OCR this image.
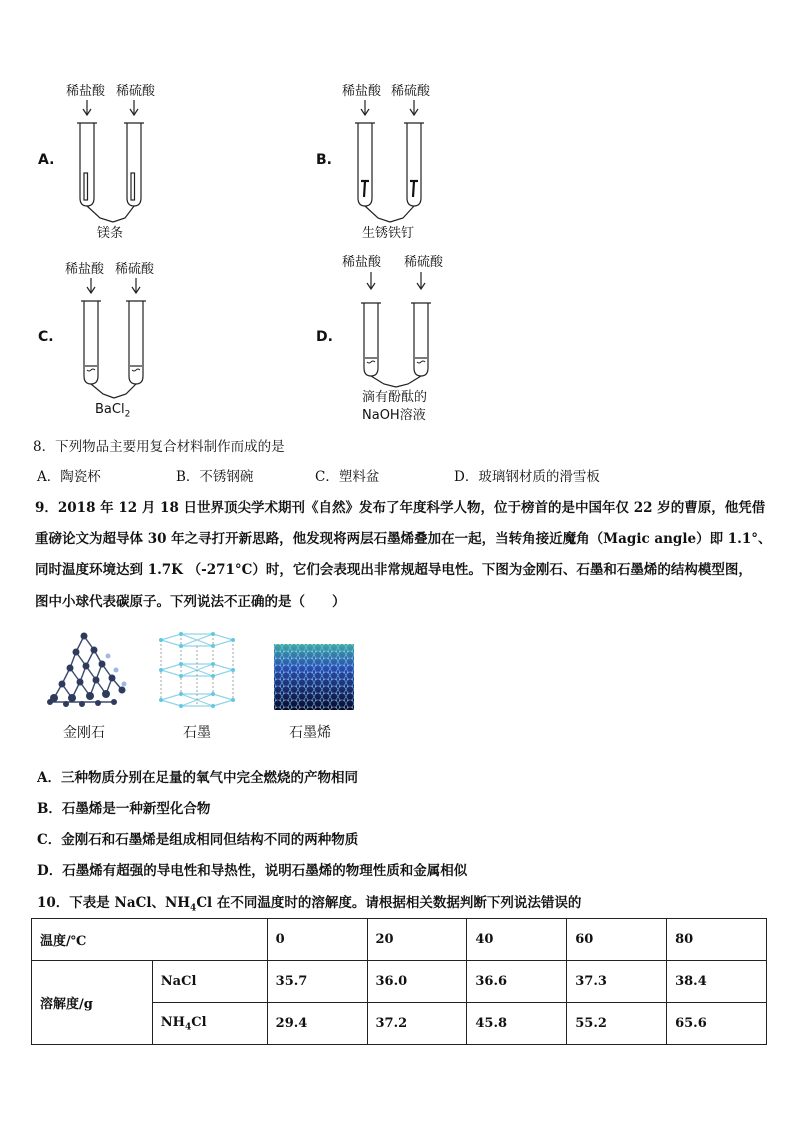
A.
稀盐酸 稀硫酸
镁条
B.
稀盐酸 稀硫酸
生锈铁钉
C.
稀盐酸 稀硫酸
BaCl$_2$
D.
稀盐酸 稀硫酸
滴有酚酞的
NaOH溶液
8．下列物品主要用复合材料制作而成的是
A．陶瓷杯	B．不锈钢碗	C．塑料盆	D．玻璃钢材质的滑雪板
9．2018 年 12 月 18 日世界顶尖学术期刊《自然》发布了年度科学人物，位于榜首的是中国年仅 22 岁的曹原，他凭借
重磅论文为超导体 30 年之寻打开新思路，他发现将两层石墨烯叠加在一起，当转角接近魔角（Magic angle）即 1.1°、
同时温度环境达到 1.7K （-271°C）时，它们会表现出非常规超导电性。下图为金刚石、石墨和石墨烯的结构模型图，
图中小球代表碳原子。下列说法不正确的是（　　）
金刚石	石墨	石墨烯
A．三种物质分别在足量的氧气中完全燃烧的产物相同
B．石墨烯是一种新型化合物
C．金刚石和石墨烯是组成相同但结构不同的两种物质
D．石墨烯有超强的导电性和导热性，说明石墨烯的物理性质和金属相似
10．下表是 NaCl、$NH_4Cl$ 在不同温度时的溶解度。请根据相关数据判断下列说法错误的
温度/℃		0	20	40	60	80
溶解度/g	NaCl	35.7	36.0	36.6	37.3	38.4
	$NH_4Cl$	29.4	37.2	45.8	55.2	65.6
